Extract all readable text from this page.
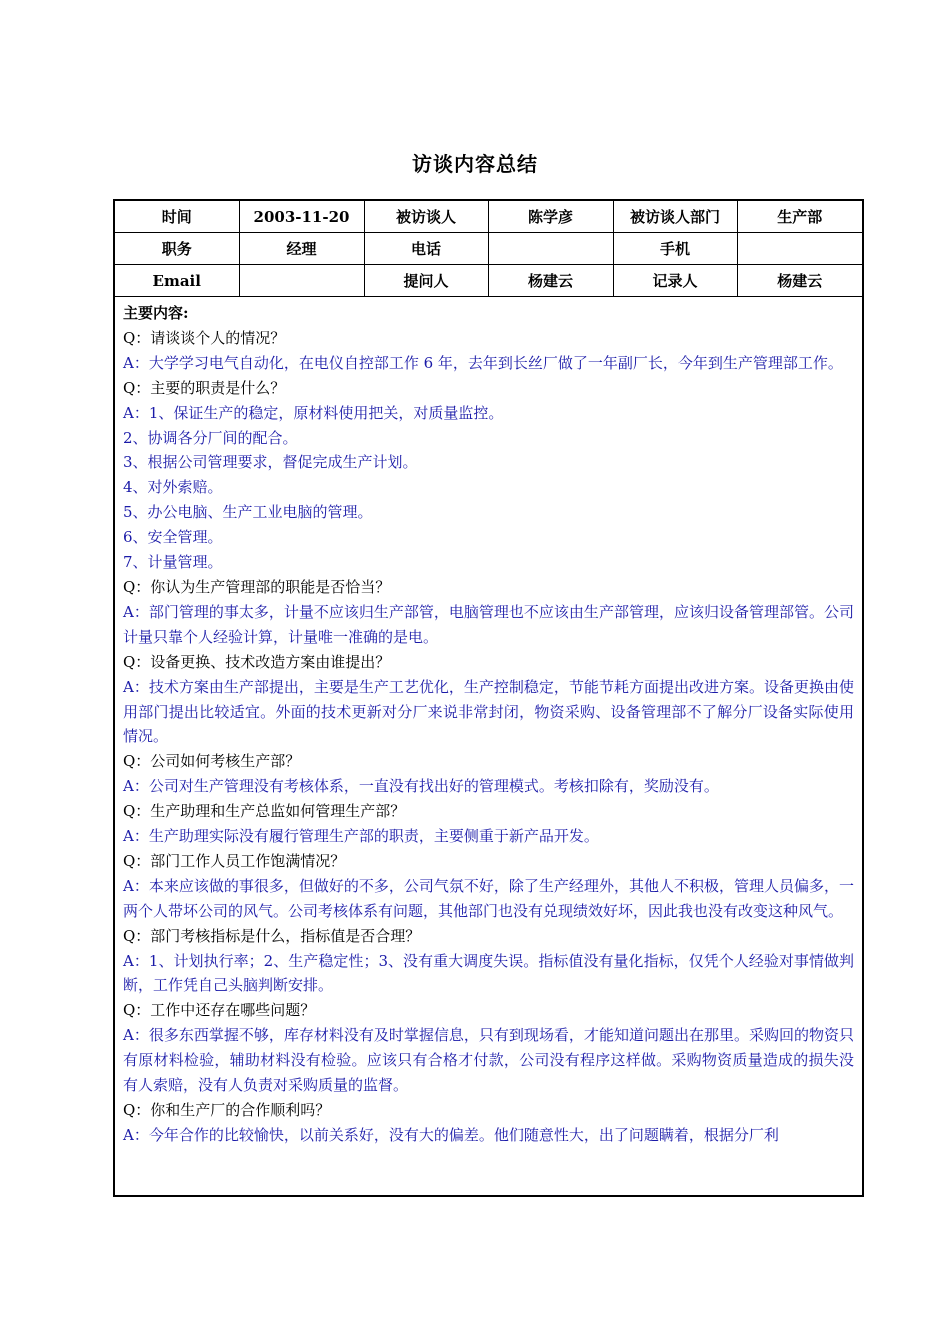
访谈内容总结
时间	2003-11-20	被访谈人	陈学彦	被访谈人部门	生产部
职务	经理	电话		手机	
Email		提问人	杨建云	记录人	杨建云
主要内容:
Q：请谈谈个人的情况？
A：大学学习电气自动化，在电仪自控部工作 6 年，去年到长丝厂做了一年副厂长，今年到生产管理部工作。
Q：主要的职责是什么？
A：1、保证生产的稳定，原材料使用把关，对质量监控。
2、协调各分厂间的配合。
3、根据公司管理要求，督促完成生产计划。
4、对外索赔。
5、办公电脑、生产工业电脑的管理。
6、安全管理。
7、计量管理。
Q：你认为生产管理部的职能是否恰当？
A：部门管理的事太多，计量不应该归生产部管，电脑管理也不应该由生产部管理，应该归设备管理部管。公司计量只靠个人经验计算，计量唯一准确的是电。
Q：设备更换、技术改造方案由谁提出？
A：技术方案由生产部提出，主要是生产工艺优化，生产控制稳定，节能节耗方面提出改进方案。设备更换由使用部门提出比较适宜。外面的技术更新对分厂来说非常封闭，物资采购、设备管理部不了解分厂设备实际使用情况。
Q：公司如何考核生产部？
A：公司对生产管理没有考核体系，一直没有找出好的管理模式。考核扣除有，奖励没有。
Q：生产助理和生产总监如何管理生产部？
A：生产助理实际没有履行管理生产部的职责，主要侧重于新产品开发。
Q：部门工作人员工作饱满情况？
A：本来应该做的事很多，但做好的不多，公司气氛不好，除了生产经理外，其他人不积极，管理人员偏多，一两个人带坏公司的风气。公司考核体系有问题，其他部门也没有兑现绩效好坏，因此我也没有改变这种风气。
Q：部门考核指标是什么，指标值是否合理？
A：1、计划执行率；2、生产稳定性；3、没有重大调度失误。指标值没有量化指标，仅凭个人经验对事情做判断，工作凭自己头脑判断安排。
Q：工作中还存在哪些问题？
A：很多东西掌握不够，库存材料没有及时掌握信息，只有到现场看，才能知道问题出在那里。采购回的物资只有原材料检验，辅助材料没有检验。应该只有合格才付款，公司没有程序这样做。采购物资质量造成的损失没有人索赔，没有人负责对采购质量的监督。
Q：你和生产厂的合作顺利吗？
A：今年合作的比较愉快，以前关系好，没有大的偏差。他们随意性大，出了问题瞒着，根据分厂利
